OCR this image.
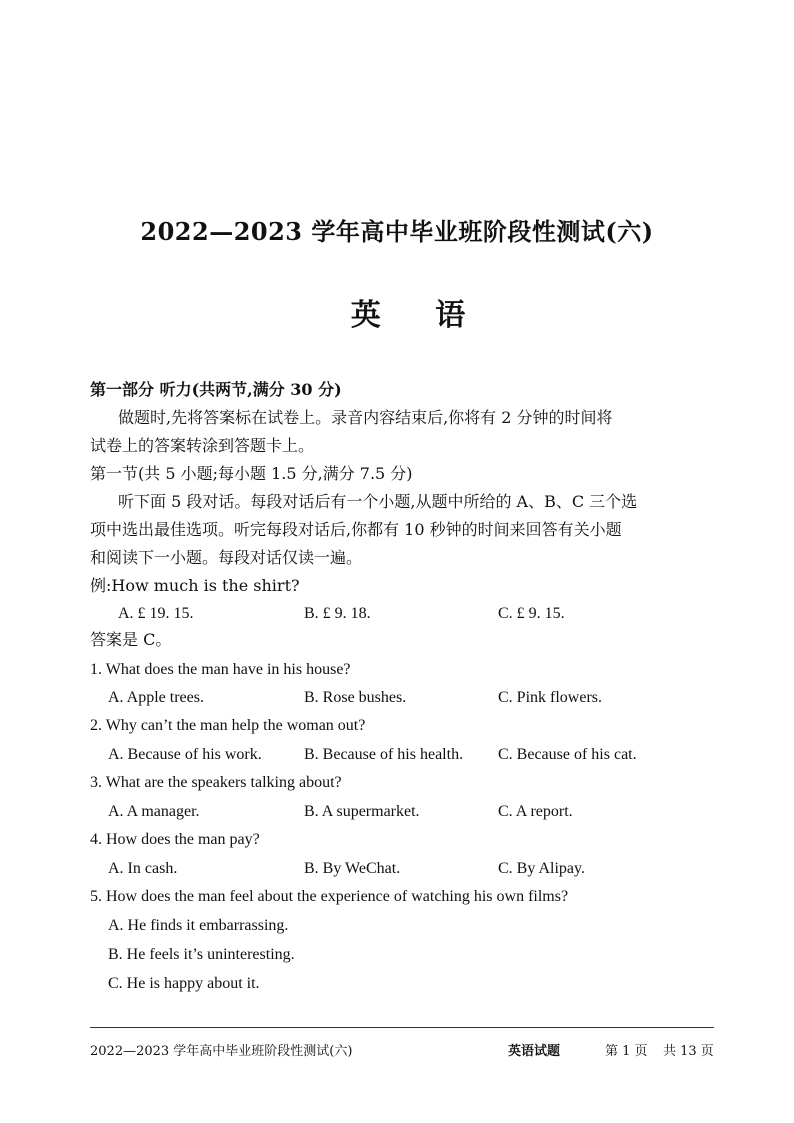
2022—2023 学年高中毕业班阶段性测试(六)
英 语
第一部分 听力(共两节,满分 30 分)
做题时,先将答案标在试卷上。录音内容结束后,你将有 2 分钟的时间将
试卷上的答案转涂到答题卡上。
第一节(共 5 小题;每小题 1.5 分,满分 7.5 分)
听下面 5 段对话。每段对话后有一个小题,从题中所给的 A、B、C 三个选
项中选出最佳选项。听完每段对话后,你都有 10 秒钟的时间来回答有关小题
和阅读下一小题。每段对话仅读一遍。
例:How much is the shirt?
A. £ 19. 15.	B. £ 9. 18.	C. £ 9. 15.
答案是 C。
1. What does the man have in his house?
A. Apple trees.	B. Rose bushes.	C. Pink flowers.
2. Why can’t the man help the woman out?
A. Because of his work.	B. Because of his health. C. Because of his cat.
3. What are the speakers talking about?
A. A manager.	B. A supermarket.	C. A report.
4. How does the man pay?
A. In cash.	B. By WeChat.	C. By Alipay.
5. How does the man feel about the experience of watching his own films?
A. He finds it embarrassing.
B. He feels it’s uninteresting.
C. He is happy about it.
2022—2023 学年高中毕业班阶段性测试(六)	英语试题	第 1 页 共 13 页
